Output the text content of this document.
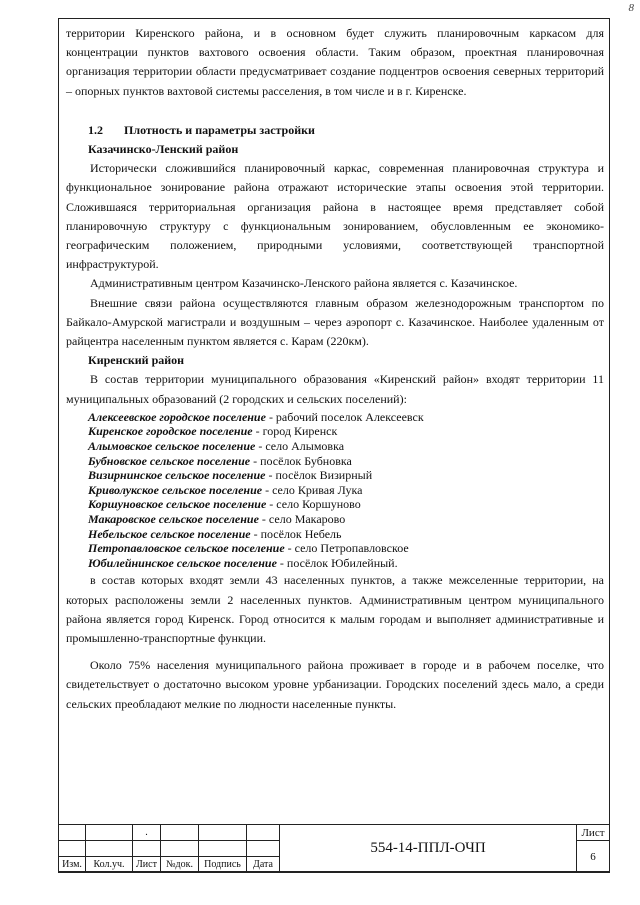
8

территории Киренского района, и в основном будет служить планировочным каркасом для концентрации пунктов вахтового освоения области. Таким образом, проектная планировочная организация территории области предусматривает создание подцентров освоения северных территорий – опорных пунктов вахтовой системы расселения, в том числе и в г. Киренске.

1.2 Плотность и параметры застройки

Казачинско-Ленский район

Исторически сложившийся планировочный каркас, современная планировочная структура и функциональное зонирование района отражают исторические этапы освоения этой территории. Сложившаяся территориальная организация района в настоящее время представляет собой планировочную структуру с функциональным зонированием, обусловленным ее экономико-географическим положением, природными условиями, соответствующей транспортной инфраструктурой.

Административным центром Казачинско-Ленского района является с. Казачинское.

Внешние связи района осуществляются главным образом железнодорожным транспортом по Байкало-Амурской магистрали и воздушным – через аэропорт с. Казачинское. Наиболее удаленным от райцентра населенным пунктом является с. Карам (220км).

Киренский район

В состав территории муниципального образования «Киренский район» входят территории 11 муниципальных образований (2 городских и сельских поселений):

Алексеевское городское поселение - рабочий поселок Алексеевск
Киренское городское поселение - город Киренск
Алымовское сельское поселение - село Алымовка
Бубновское сельское поселение - посёлок Бубновка
Визирнинское сельское поселение - посёлок Визирный
Криволукское сельское поселение - село Кривая Лука
Коршуновское сельское поселение - село Коршуново
Макаровское сельское поселение - село Макарово
Небельское сельское поселение - посёлок Небель
Петропавловское сельское поселение - село Петропавловское
Юбилейнинское сельское поселение - посёлок Юбилейный.

в состав которых входят земли 43 населенных пунктов, а также межселенные территории, на которых расположены земли 2 населенных пунктов. Административным центром муниципального района является город Киренск. Город относится к малым городам и выполняет административные и промышленно-транспортные функции.

Около 75% населения муниципального района проживает в городе и в рабочем поселке, что свидетельствует о достаточно высоком уровне урбанизации. Городских поселений здесь мало, а среди сельских преобладают мелкие по людности населенные пункты.

		.				554-14-ППЛ-ОЧП	Лист
							6
Изм.	Кол.уч.	Лист	№док.	Подпись	Дата		
